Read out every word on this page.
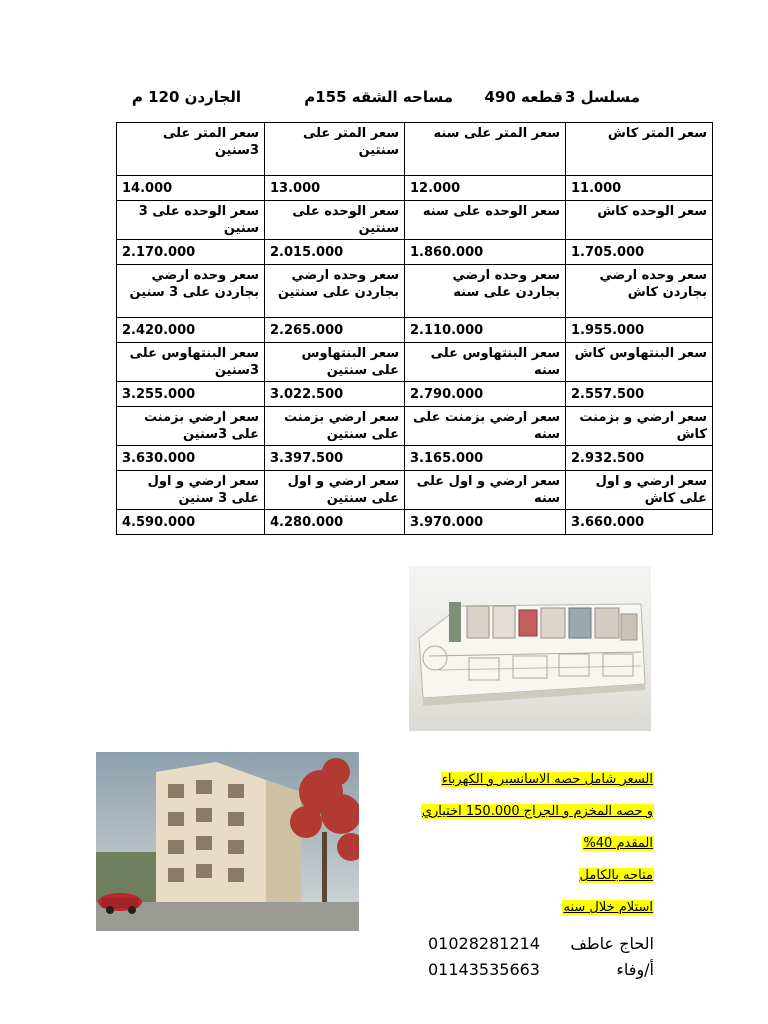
مسلسل 3
قطعه 490
مساحه الشقه 155م
الجاردن 120 م
سعر المتر كاش	سعر المتر على سنه	سعر المتر على سنتين	سعر المتر على 3سنين
11.000	12.000	13.000	14.000
سعر الوحده كاش	سعر الوحده على سنه	سعر الوحده على سنتين	سعر الوحده على 3 سنين
1.705.000	1.860.000	2.015.000	2.170.000
سعر وحده ارضي بجاردن كاش	سعر وحده ارضي بجاردن على سنه	سعر وحده ارضي بجاردن على سنتين	سعر وحده ارضي بجاردن على 3 سنين
1.955.000	2.110.000	2.265.000	2.420.000
سعر البنتهاوس كاش	سعر البنتهاوس على سنه	سعر البنتهاوس على سنتين	سعر البنتهاوس على 3سنين
2.557.500	2.790.000	3.022.500	3.255.000
سعر ارضي و بزمنت كاش	سعر ارضي بزمنت على سنه	سعر ارضي بزمنت على سنتين	سعر ارضي بزمنت على 3سنين
2.932.500	3.165.000	3.397.500	3.630.000
سعر ارضي و اول على كاش	سعر ارضي و اول على سنه	سعر ارضي و اول على سنتين	سعر ارضي و اول على 3 سنين
3.660.000	3.970.000	4.280.000	4.590.000
السعر شامل حصه الاسانسير و الكهرباء
و حصه المخزم و الجراج 150.000 اختياري
المقدم 40%
متاحه بالكامل
استلام خلال سنه
01028281214 الحاج عاطف
01143535663	أ/وفاء
